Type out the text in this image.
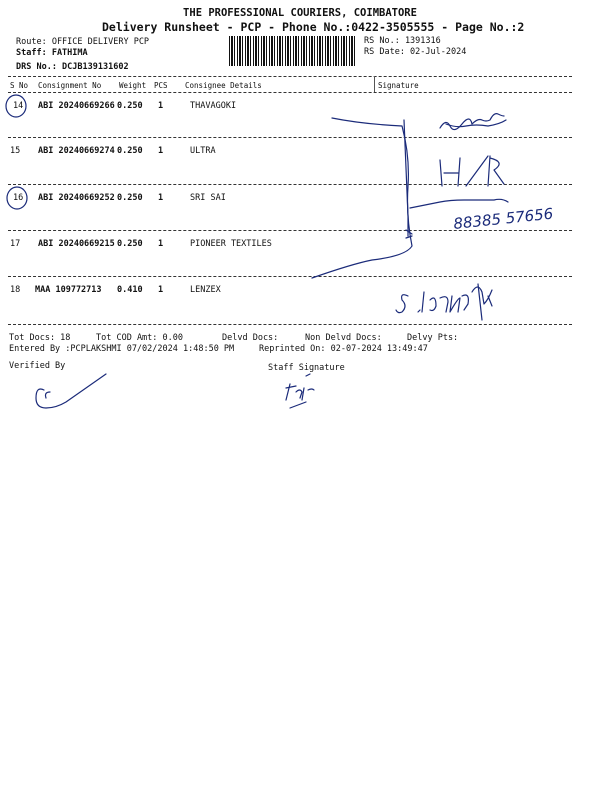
THE PROFESSIONAL COURIERS, COIMBATORE
Delivery Runsheet - PCP - Phone No.:0422-3505555 - Page No.:2
Route: OFFICE DELIVERY PCP
Staff: FATHIMA
DRS No.: DCJB139131602
RS No.: 1391316
RS Date: 02-Jul-2024
S No Consignment No Weight PCS Consignee Details	Signature
14 ABI 20240669266 0.250 1	THAVAGOKI
15 ABI 20240669274 0.250 1	ULTRA
16 ABI 20240669252 0.250 1	SRI SAI
17 ABI 20240669215 0.250 1	PIONEER TEXTILES
18 MAA 109772713 0.410 1	LENZEX
Tot Docs: 18	Tot COD Amt: 0.00	Delvd Docs:	Non Delvd Docs:	Delvy Pts:
Entered By :PCPLAKSHMI 07/02/2024 1:48:50 PM	Reprinted On: 02-07-2024 13:49:47
Verified By	Staff Signature
88385 57656
